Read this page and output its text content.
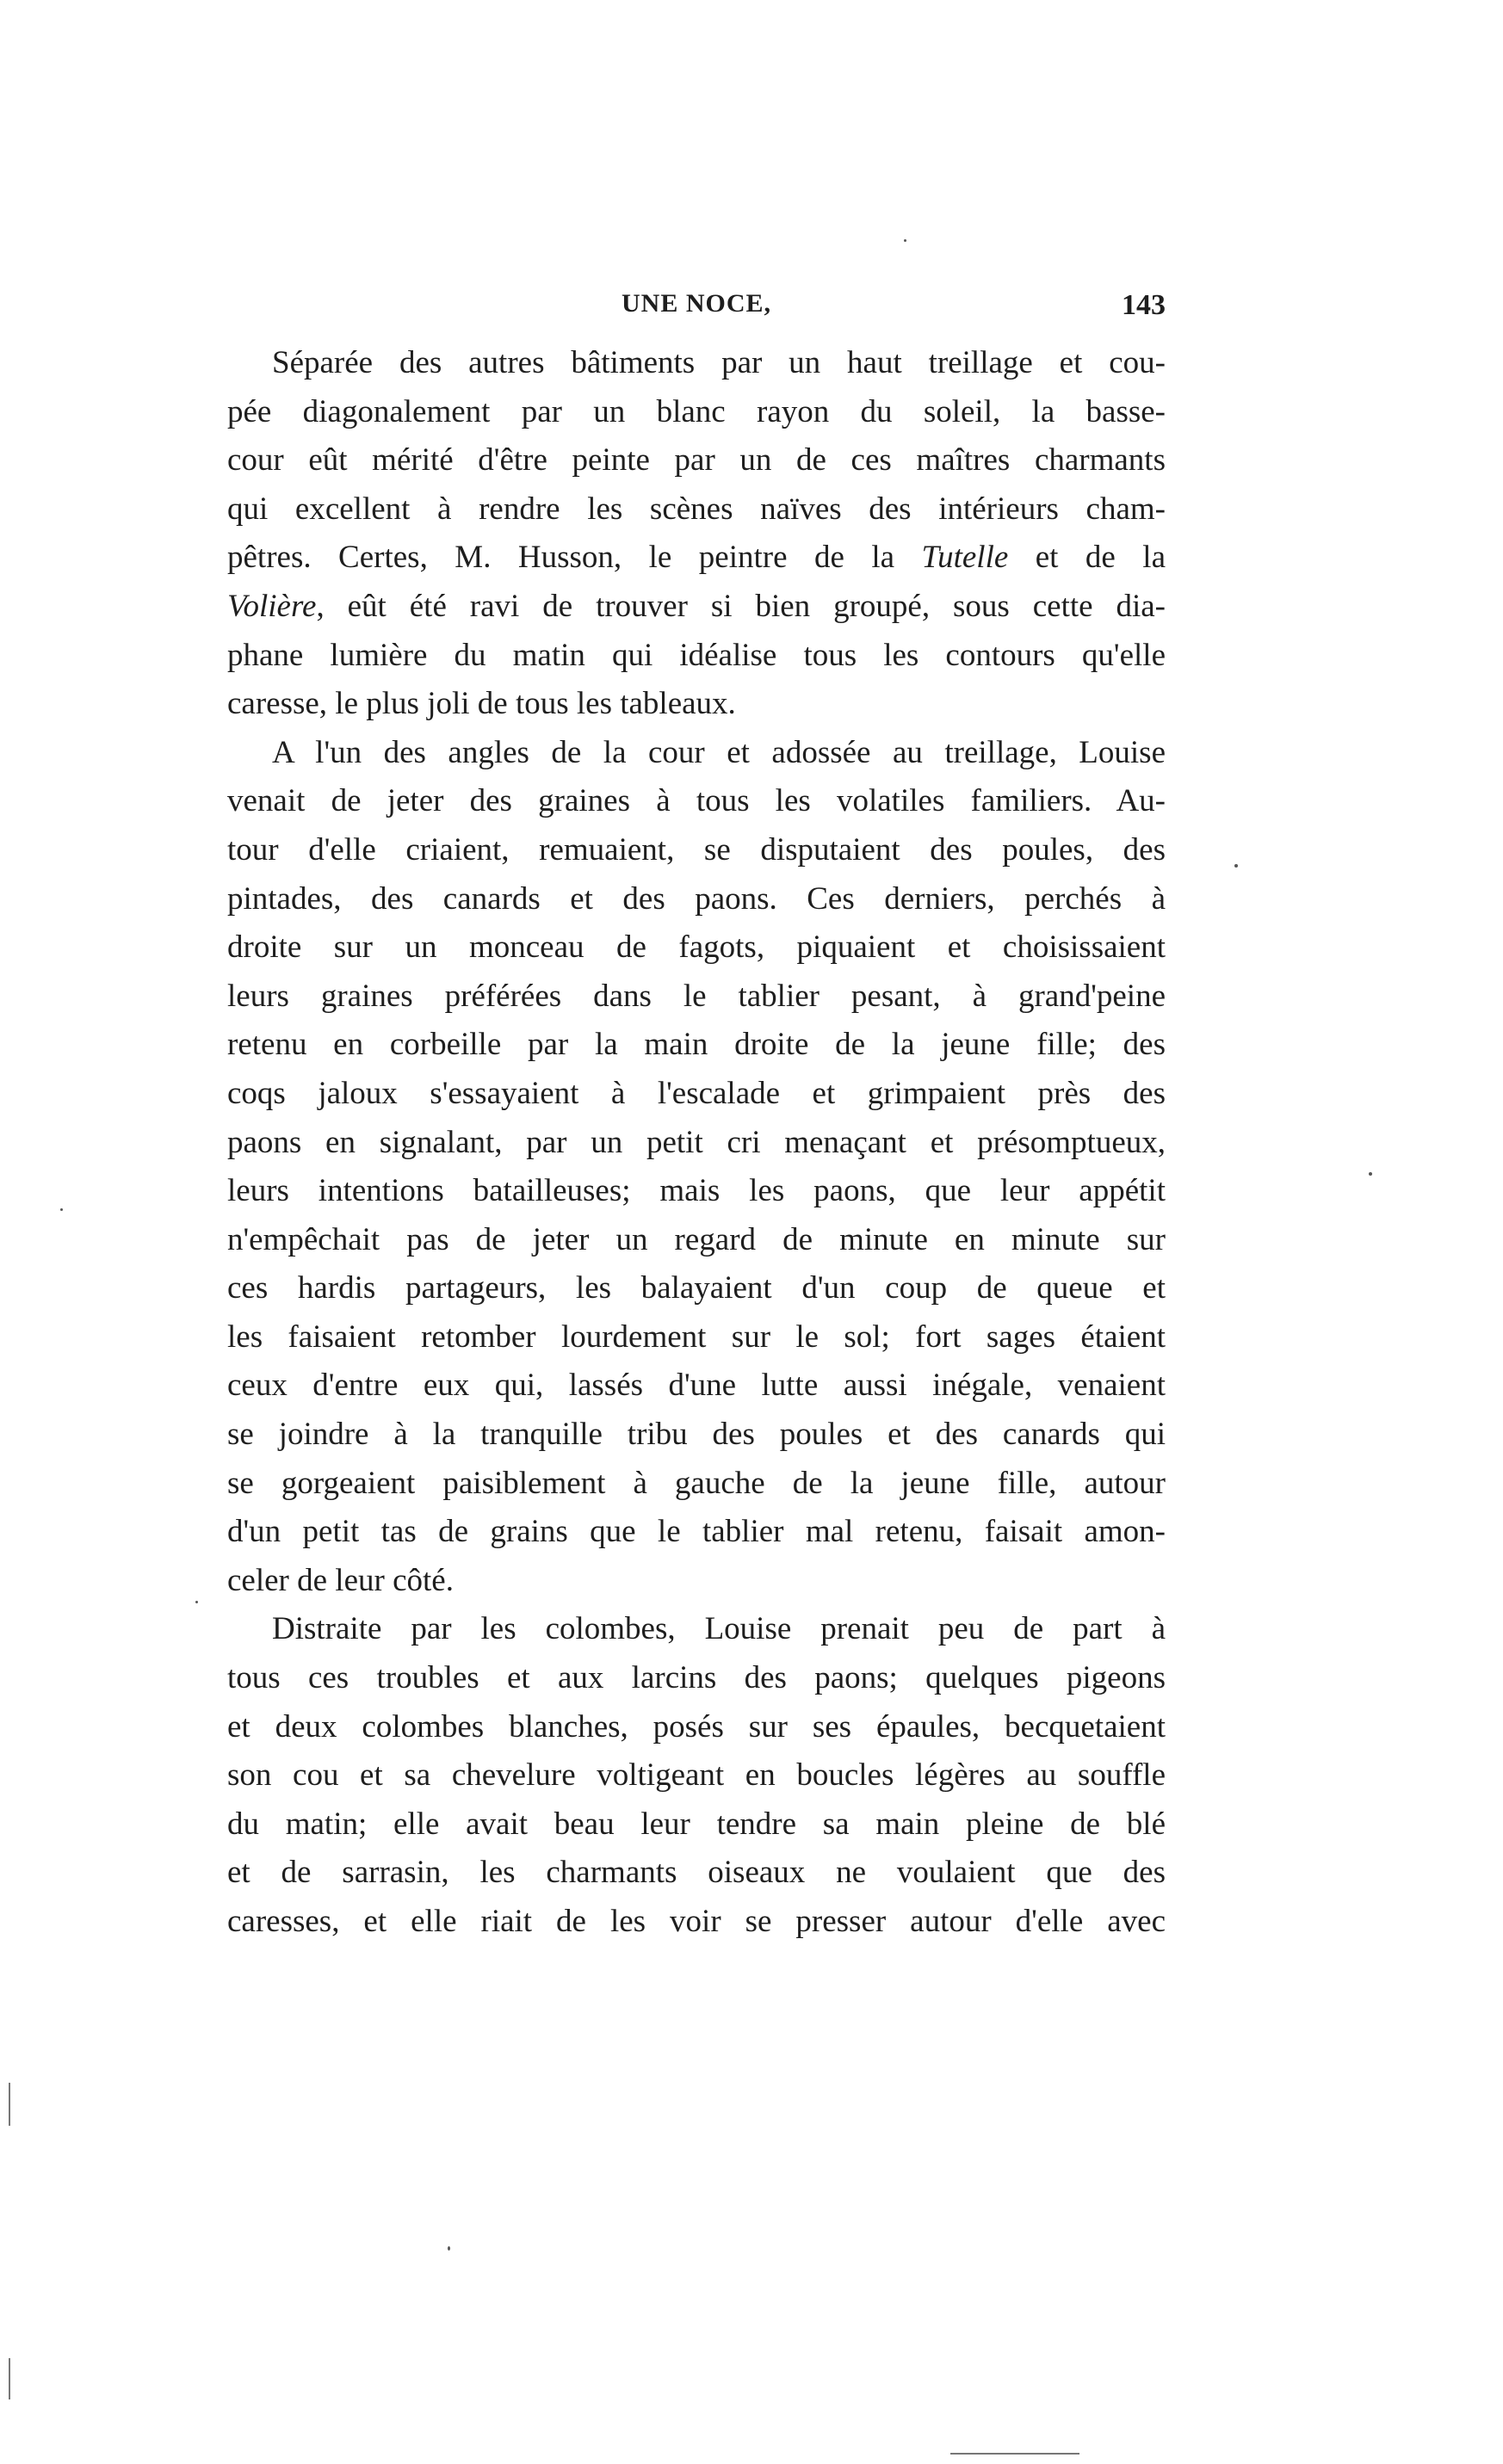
UNE NOCE,	143
Séparée des autres bâtiments par un haut treillage et cou-
pée diagonalement par un blanc rayon du soleil, la basse-
cour eût mérité d'être peinte par un de ces maîtres charmants
qui excellent à rendre les scènes naïves des intérieurs cham-
pêtres. Certes, M. Husson, le peintre de la Tutelle et de la
Volière, eût été ravi de trouver si bien groupé, sous cette dia-
phane lumière du matin qui idéalise tous les contours qu'elle
caresse, le plus joli de tous les tableaux.
A l'un des angles de la cour et adossée au treillage, Louise
venait de jeter des graines à tous les volatiles familiers. Au-
tour d'elle criaient, remuaient, se disputaient des poules, des
pintades, des canards et des paons. Ces derniers, perchés à
droite sur un monceau de fagots, piquaient et choisissaient
leurs graines préférées dans le tablier pesant, à grand'peine
retenu en corbeille par la main droite de la jeune fille; des
coqs jaloux s'essayaient à l'escalade et grimpaient près des
paons en signalant, par un petit cri menaçant et présomptueux,
leurs intentions batailleuses; mais les paons, que leur appétit
n'empêchait pas de jeter un regard de minute en minute sur
ces hardis partageurs, les balayaient d'un coup de queue et
les faisaient retomber lourdement sur le sol; fort sages étaient
ceux d'entre eux qui, lassés d'une lutte aussi inégale, venaient
se joindre à la tranquille tribu des poules et des canards qui
se gorgeaient paisiblement à gauche de la jeune fille, autour
d'un petit tas de grains que le tablier mal retenu, faisait amon-
celer de leur côté.
Distraite par les colombes, Louise prenait peu de part à
tous ces troubles et aux larcins des paons; quelques pigeons
et deux colombes blanches, posés sur ses épaules, becquetaient
son cou et sa chevelure voltigeant en boucles légères au souffle
du matin; elle avait beau leur tendre sa main pleine de blé
et de sarrasin, les charmants oiseaux ne voulaient que des
caresses, et elle riait de les voir se presser autour d'elle avec
